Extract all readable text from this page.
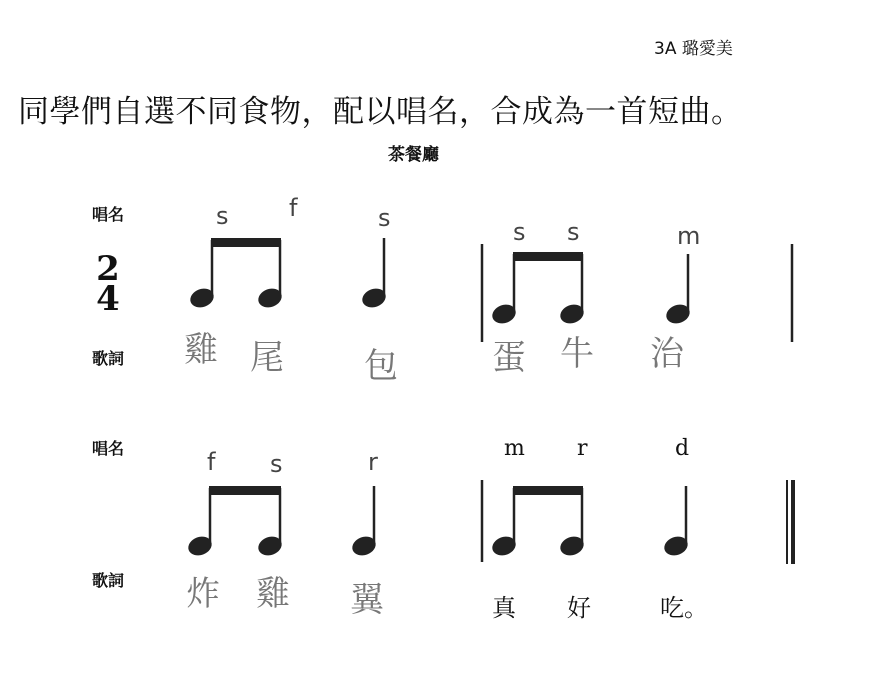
3A 璐愛美
同學們自選不同食物，配以唱名，合成為一首短曲。
茶餐廳
唱名
歌詞
唱名
歌詞
2
4
s	f	s	s s	m
雞 尾 包	蛋 牛 治
f s	r	m r	d
炸 雞 翼	真 好	吃。
